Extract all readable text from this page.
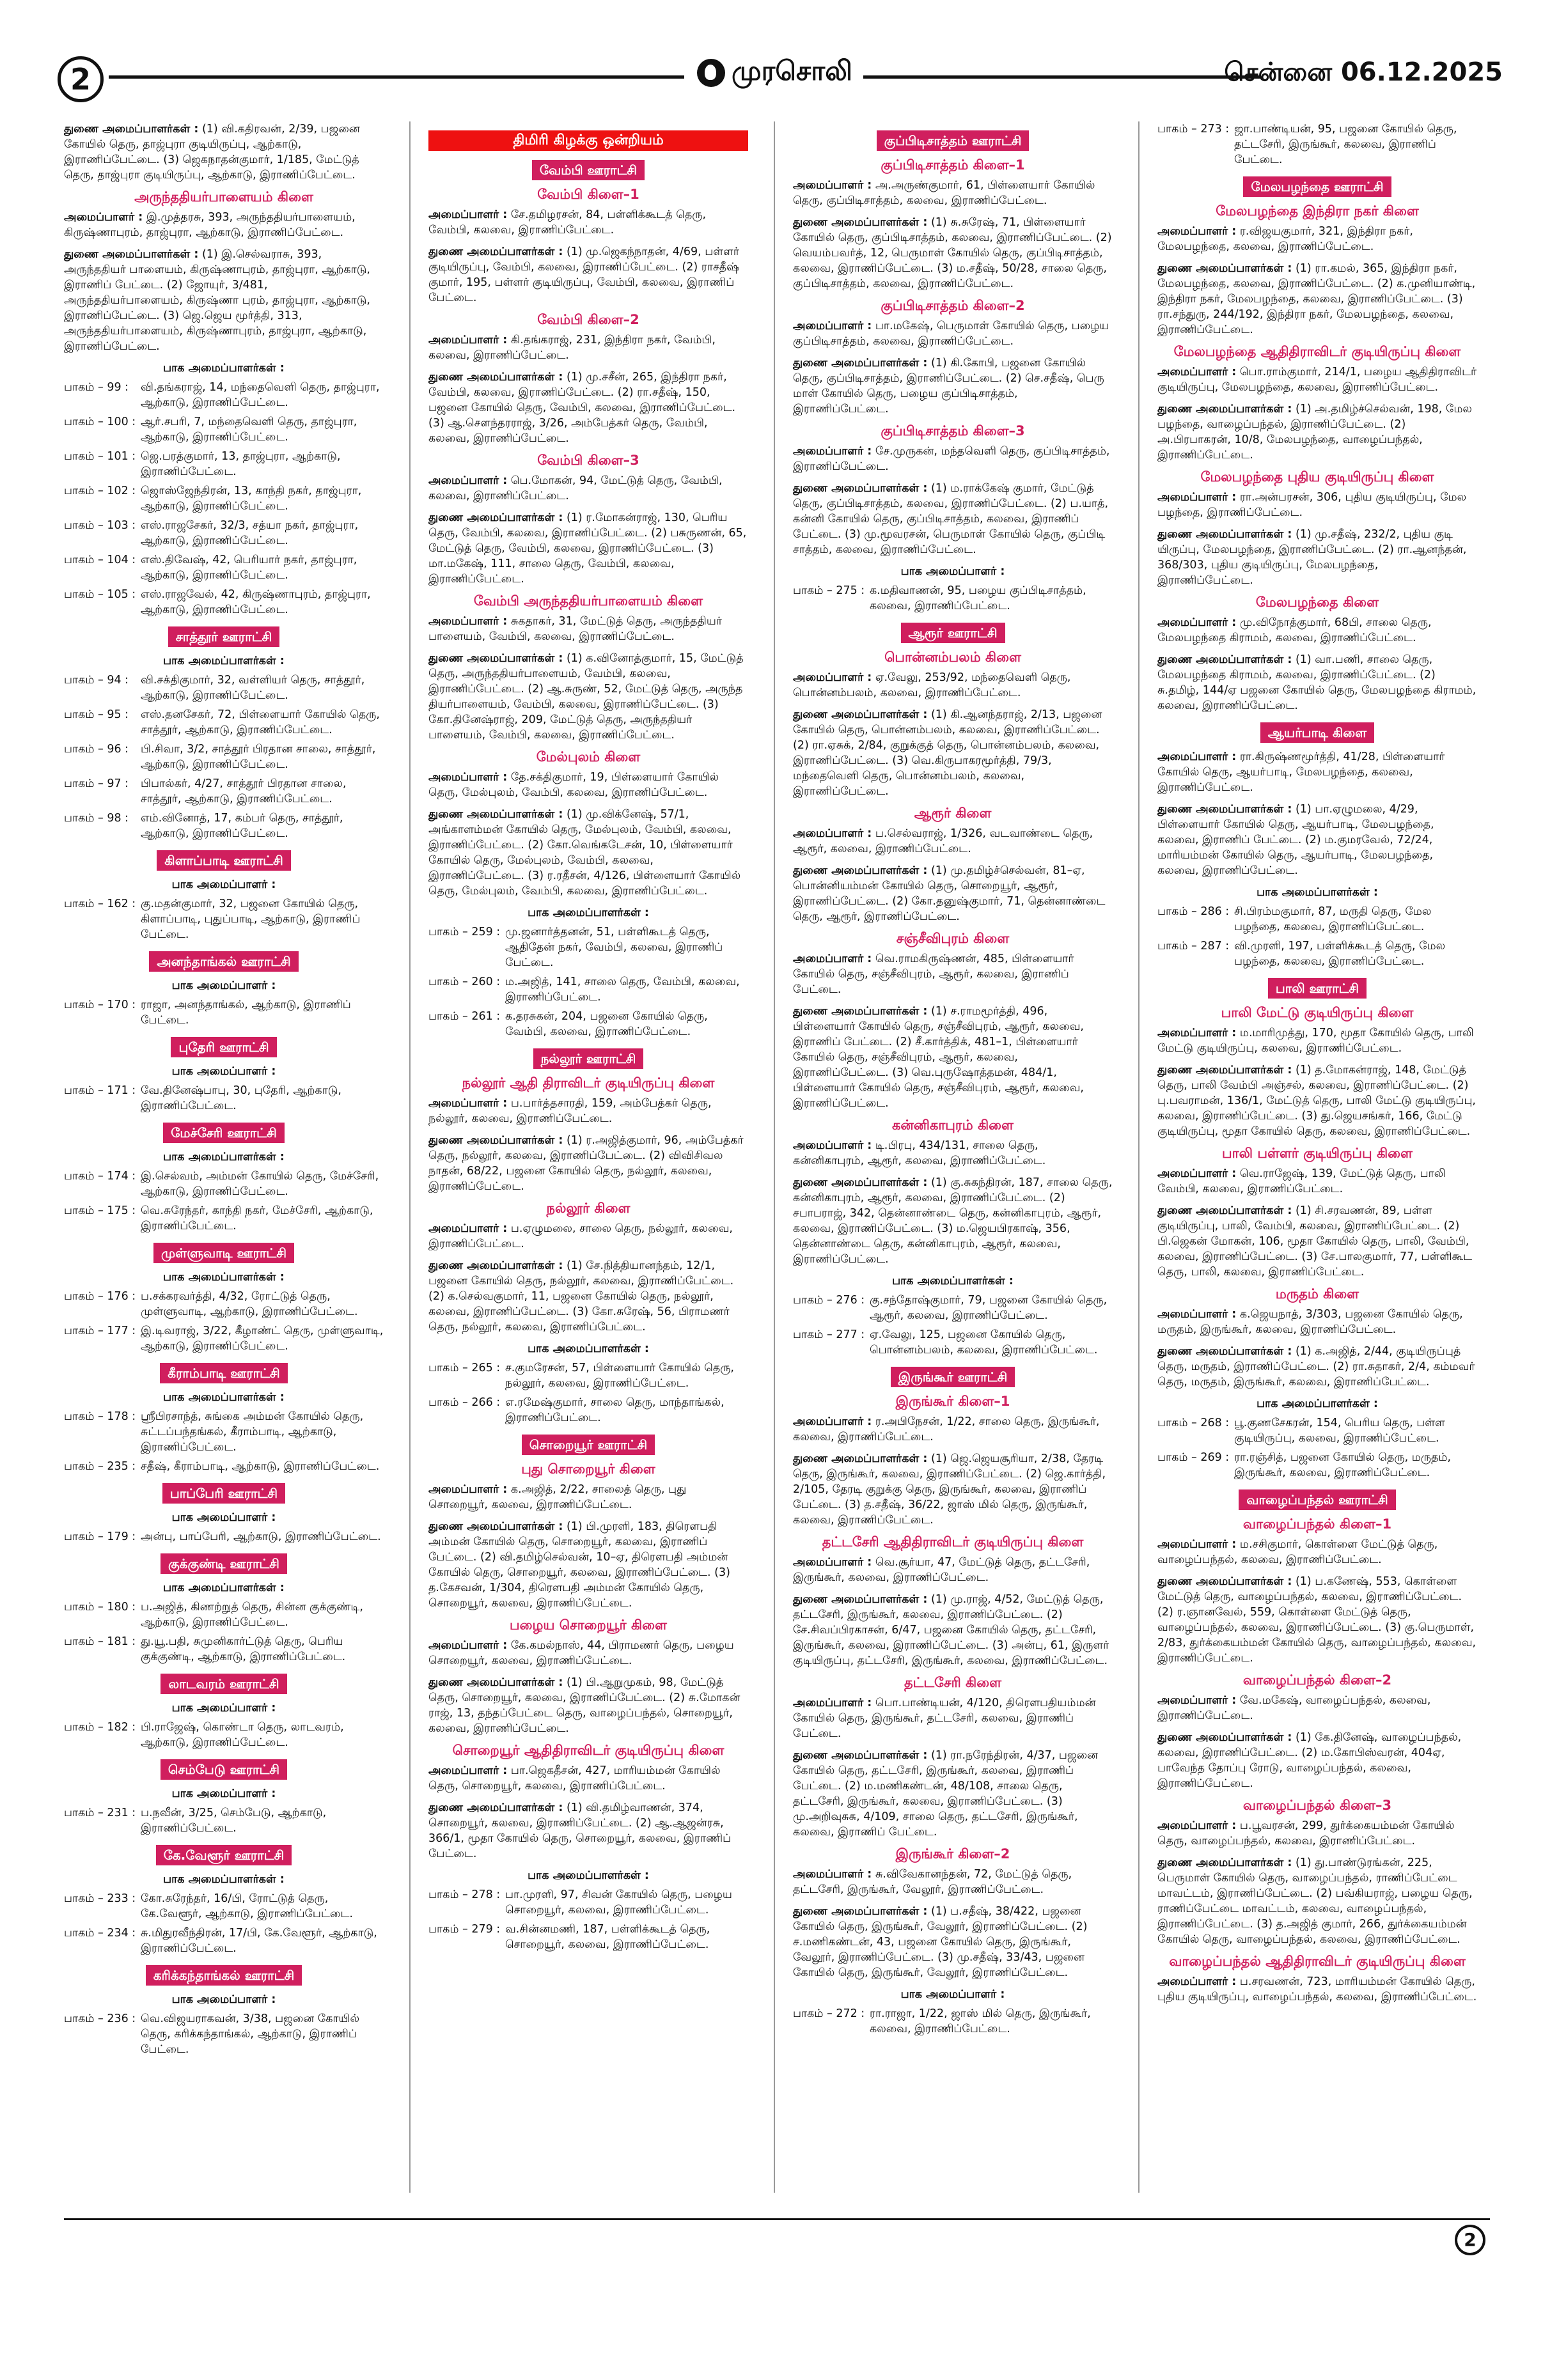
2	முரசொலி	சென்னை 06.12.2025
துணை அமைப்பாளர்கள் : (1) வி.கதிரவன், 2/39, பஜனை கோயில் தெரு, தாஜ்புரா குடியிருப்பு, ஆற்காடு, இராணிப்பேட்டை. (3) ஜெகநாதன்குமார், 1/185, மேட்டுத் தெரு, தாஜ்புரா குடியிருப்பு, ஆற்காடு, இராணிப்பேட்டை.
அருந்ததியர்பாளையம் கிளை
அமைப்பாளர் : இ.முத்தரசு, 393, அருந்ததியர்பாளையம், கிருஷ்ணாபுரம், தாஜ்புரா, ஆற்காடு, இராணிப்பேட்டை.
துணை அமைப்பாளர்கள் : (1) இ.செல்வராசு, 393, அருந்ததியர் பாளையம், கிருஷ்ணாபுரம், தாஜ்புரா, ஆற்காடு, இராணிப் பேட்டை. (2) ஜோயுர், 3/481, அருந்ததியர்பாளையம், கிருஷ்ணா புரம், தாஜ்புரா, ஆற்காடு, இராணிப்பேட்டை. (3) ஜெ.ஜெய மூர்த்தி, 313, அருந்ததியர்பாளையம், கிருஷ்ணாபுரம், தாஜ்புரா, ஆற்காடு, இராணிப்பேட்டை.
பாக அமைப்பாளர்கள் :
பாகம் – 99 :	வி.தங்கராஜ், 14, மந்தைவெளி தெரு, தாஜ்புரா, ஆற்காடு, இராணிப்பேட்டை.
பாகம் – 100 : ஆர்.சபரி, 7, மந்தைவெளி தெரு, தாஜ்புரா, ஆற்காடு, இராணிப்பேட்டை.
பாகம் – 101 : ஜெ.பரத்குமார், 13, தாஜ்புரா, ஆற்காடு, இராணிப்பேட்டை.
பாகம் – 102 : ஜொஸ்ஜேந்திரன், 13, காந்தி நகர், தாஜ்புரா, ஆற்காடு, இராணிப்பேட்டை.
பாகம் – 103 : எஸ்.ராஜசேகர், 32/3, சத்யா நகர், தாஜ்புரா, ஆற்காடு, இராணிப்பேட்டை.
பாகம் – 104 : எஸ்.திவேஷ், 42, பெரியார் நகர், தாஜ்புரா, ஆற்காடு, இராணிப்பேட்டை.
பாகம் – 105 : எஸ்.ராஜவேல், 42, கிருஷ்ணாபுரம், தாஜ்புரா, ஆற்காடு, இராணிப்பேட்டை.
சாத்தூர் ஊராட்சி
பாக அமைப்பாளர்கள் :
பாகம் – 94 :	வி.சக்திகுமார், 32, வள்ளியர் தெரு, சாத்தூர், ஆற்காடு, இராணிப்பேட்டை.
பாகம் – 95 :	எஸ்.தனசேகர், 72, பிள்ளையார் கோயில் தெரு, சாத்தூர், ஆற்காடு, இராணிப்பேட்டை.
பாகம் – 96 :	பி.சிவா, 3/2, சாத்தூர் பிரதான சாலை, சாத்தூர், ஆற்காடு, இராணிப்பேட்டை.
பாகம் – 97 :	பிபால்கர், 4/27, சாத்தூர் பிரதான சாலை, சாத்தூர், ஆற்காடு, இராணிப்பேட்டை.
பாகம் – 98 :	எம்.வினோத், 17, கம்பர் தெரு, சாத்தூர், ஆற்காடு, இராணிப்பேட்டை.
கிளாப்பாடி ஊராட்சி
பாக அமைப்பாளர் :
பாகம் – 162 : கு.மதன்குமார், 32, பஜனை கோயில் தெரு, கிளாப்பாடி, புதுப்பாடி, ஆற்காடு, இராணிப் பேட்டை.
அனந்தாங்கல் ஊராட்சி
பாக அமைப்பாளர் :
பாகம் – 170 : ராஜா, அனந்தாங்கல், ஆற்காடு, இராணிப் பேட்டை.
புதேரி ஊராட்சி
பாக அமைப்பாளர் :
பாகம் – 171 : வே.தினேஷ்பாபு, 30, புதேரி, ஆற்காடு, இராணிப்பேட்டை.
மேச்சேரி ஊராட்சி
பாக அமைப்பாளர்கள் :
பாகம் – 174 : இ.செல்வம், அம்மன் கோயில் தெரு, மேச்சேரி, ஆற்காடு, இராணிப்பேட்டை.
பாகம் – 175 : வெ.சுரேந்தர், காந்தி நகர், மேச்சேரி, ஆற்காடு, இராணிப்பேட்டை.
முள்ளுவாடி ஊராட்சி
பாக அமைப்பாளர்கள் :
பாகம் – 176 : ப.சக்கரவர்த்தி, 4/32, ரோட்டுத் தெரு, முள்ளுவாடி, ஆற்காடு, இராணிப்பேட்டை.
பாகம் – 177 : இ.டிவராஜ், 3/22, கீழாண்ட் தெரு, முள்ளுவாடி, ஆற்காடு, இராணிப்பேட்டை.
கீராம்பாடி ஊராட்சி
பாக அமைப்பாளர்கள் :
பாகம் – 178 : ஸ்ரீபிரசாந்த், சுங்கை அம்மன் கோயில் தெரு, சுட்டப்பந்தங்கல், கீராம்பாடி, ஆற்காடு, இராணிப்பேட்டை.
பாகம் – 235 : சதீஷ், கீராம்பாடி, ஆற்காடு, இராணிப்பேட்டை.
பாப்பேரி ஊராட்சி
பாக அமைப்பாளர் :
பாகம் – 179 : அன்பு, பாப்பேரி, ஆற்காடு, இராணிப்பேட்டை.
குக்குண்டி ஊராட்சி
பாக அமைப்பாளர்கள் :
பாகம் – 180 : ப.அஜித், கிணற்றுத் தெரு, சின்ன குக்குண்டி, ஆற்காடு, இராணிப்பேட்டை.
பாகம் – 181 : து.யூ.பதி, சுமுனிகார்ட்டுத் தெரு, பெரிய குக்குண்டி, ஆற்காடு, இராணிப்பேட்டை.
லாடவரம் ஊராட்சி
பாக அமைப்பாளர் :
பாகம் – 182 : பி.ராஜேஷ், கொண்டா தெரு, லாடவரம், ஆற்காடு, இராணிப்பேட்டை.
செம்பேடு ஊராட்சி
பாக அமைப்பாளர் :
பாகம் – 231 : ப.நவீன், 3/25, செம்பேடு, ஆற்காடு, இராணிப்பேட்டை.
கே.வேளூர் ஊராட்சி
பாக அமைப்பாளர்கள் :
பாகம் – 233 : கோ.சுரேந்தர், 16/பி, ரோட்டுத் தெரு, கே.வேளூர், ஆற்காடு, இராணிப்பேட்டை.
பாகம் – 234 : சு.மிதுரவீந்திரன், 17/பி, கே.வேளூர், ஆற்காடு, இராணிப்பேட்டை.
கரிக்கந்தாங்கல் ஊராட்சி
பாக அமைப்பாளர் :
பாகம் – 236 : வெ.விஜயராகவன், 3/38, பஜனை கோயில் தெரு, கரிக்கந்தாங்கல், ஆற்காடு, இராணிப் பேட்டை.
திமிரி கிழக்கு ஒன்றியம்
வேம்பி ஊராட்சி
வேம்பி கிளை–1
அமைப்பாளர் : சே.தமிழரசன், 84, பள்ளிக்கூடத் தெரு, வேம்பி, கலவை, இராணிப்பேட்டை.
துணை அமைப்பாளர்கள் : (1) மு.ஜெகந்நாதன், 4/69, பள்ளர் குடியிருப்பு, வேம்பி, கலவை, இராணிப்பேட்டை. (2) ராசதீஷ் குமார், 195, பள்ளர் குடியிருப்பு, வேம்பி, கலவை, இராணிப் பேட்டை.
வேம்பி கிளை–2
அமைப்பாளர் : கி.தங்கராஜ், 231, இந்திரா நகர், வேம்பி, கலவை, இராணிப்பேட்டை.
துணை அமைப்பாளர்கள் : (1) மு.சசீன், 265, இந்திரா நகர், வேம்பி, கலவை, இராணிப்பேட்டை. (2) ரா.சதீஷ், 150, பஜனை கோயில் தெரு, வேம்பி, கலவை, இராணிப்பேட்டை. (3) ஆ.சௌந்தரராஜ், 3/26, அம்பேத்கர் தெரு, வேம்பி, கலவை, இராணிப்பேட்டை.
வேம்பி கிளை–3
அமைப்பாளர் : பெ.மோகன், 94, மேட்டுத் தெரு, வேம்பி, கலவை, இராணிப்பேட்டை.
துணை அமைப்பாளர்கள் : (1) ர.மோகன்ராஜ், 130, பெரிய தெரு, வேம்பி, கலவை, இராணிப்பேட்டை. (2) பசுருணன், 65, மேட்டுத் தெரு, வேம்பி, கலவை, இராணிப்பேட்டை. (3) மா.மகேஷ், 111, சாலை தெரு, வேம்பி, கலவை, இராணிப்பேட்டை.
வேம்பி அருந்ததியர்பாளையம் கிளை
அமைப்பாளர் : சுகதாகர், 31, மேட்டுத் தெரு, அருந்ததியர் பாளையம், வேம்பி, கலவை, இராணிப்பேட்டை.
துணை அமைப்பாளர்கள் : (1) க.வினோத்குமார், 15, மேட்டுத் தெரு, அருந்ததியர்பாளையம், வேம்பி, கலவை, இராணிப்பேட்டை. (2) ஆ.சுருண், 52, மேட்டுத் தெரு, அருந்த தியர்பாளையம், வேம்பி, கலவை, இராணிப்பேட்டை. (3) கோ.தினேஷ்ராஜ், 209, மேட்டுத் தெரு, அருந்ததியர் பாளையம், வேம்பி, கலவை, இராணிப்பேட்டை.
மேல்புலம் கிளை
அமைப்பாளர் : தே.சக்திகுமார், 19, பிள்ளையார் கோயில் தெரு, மேல்புலம், வேம்பி, கலவை, இராணிப்பேட்டை.
துணை அமைப்பாளர்கள் : (1) மு.விக்னேஷ், 57/1, அங்காளம்மன் கோயில் தெரு, மேல்புலம், வேம்பி, கலவை, இராணிப்பேட்டை. (2) கோ.வெங்கடேசன், 10, பிள்ளையார் கோயில் தெரு, மேல்புலம், வேம்பி, கலவை, இராணிப்பேட்டை. (3) ர.ரதீசன், 4/126, பிள்ளையார் கோயில் தெரு, மேல்புலம், வேம்பி, கலவை, இராணிப்பேட்டை.
பாக அமைப்பாளர்கள் :
பாகம் – 259 : மு.ஜனார்த்தனன், 51, பள்ளிகூடத் தெரு, ஆதிதேன் நகர், வேம்பி, கலவை, இராணிப் பேட்டை.
பாகம் – 260 : ம.அஜித், 141, சாலை தெரு, வேம்பி, கலவை, இராணிப்பேட்டை.
பாகம் – 261 : க.தரசுகன், 204, பஜனை கோயில் தெரு, வேம்பி, கலவை, இராணிப்பேட்டை.
நல்லூர் ஊராட்சி
நல்லூர் ஆதி திராவிடர் குடியிருப்பு கிளை
அமைப்பாளர் : ப.பார்த்தசாரதி, 159, அம்பேத்கர் தெரு, நல்லூர், கலவை, இராணிப்பேட்டை.
துணை அமைப்பாளர்கள் : (1) ர.அஜித்குமார், 96, அம்பேத்கர் தெரு, நல்லூர், கலவை, இராணிப்பேட்டை. (2) விவிசிவல நாதன், 68/22, பஜனை கோயில் தெரு, நல்லூர், கலவை, இராணிப்பேட்டை.
நல்லூர் கிளை
அமைப்பாளர் : ப.ஏழுமலை, சாலை தெரு, நல்லூர், கலவை, இராணிப்பேட்டை.
துணை அமைப்பாளர்கள் : (1) சே.நித்தியானந்தம், 12/1, பஜனை கோயில் தெரு, நல்லூர், கலவை, இராணிப்பேட்டை. (2) க.செல்வகுமார், 11, பஜனை கோயில் தெரு, நல்லூர், கலவை, இராணிப்பேட்டை. (3) கோ.சுரேஷ், 56, பிராமணர் தெரு, நல்லூர், கலவை, இராணிப்பேட்டை.
பாக அமைப்பாளர்கள் :
பாகம் – 265 : ச.குமரேசன், 57, பிள்ளையார் கோயில் தெரு, நல்லூர், கலவை, இராணிப்பேட்டை.
பாகம் – 266 : எ.ரமேஷ்குமார், சாலை தெரு, மாந்தாங்கல், இராணிப்பேட்டை.
சொறையூர் ஊராட்சி
புது சொறையூர் கிளை
அமைப்பாளர் : க.அஜித், 2/22, சாலைத் தெரு, புது சொறையூர், கலவை, இராணிப்பேட்டை.
துணை அமைப்பாளர்கள் : (1) பி.முரளி, 183, திரௌபதி அம்மன் கோயில் தெரு, சொறையூர், கலவை, இராணிப் பேட்டை. (2) வி.தமிழ்செல்வன், 10–ஏ, திரௌபதி அம்மன் கோயில் தெரு, சொறையூர், கலவை, இராணிப்பேட்டை. (3) த.கேசவன், 1/304, திரௌபதி அம்மன் கோயில் தெரு, சொறையூர், கலவை, இராணிப்பேட்டை.
பழைய சொறையூர் கிளை
அமைப்பாளர் : கே.கமல்நாஸ், 44, பிராமணர் தெரு, பழைய சொறையூர், கலவை, இராணிப்பேட்டை.
துணை அமைப்பாளர்கள் : (1) பி.ஆறுமுகம், 98, மேட்டுத் தெரு, சொறையூர், கலவை, இராணிப்பேட்டை. (2) சு.மோகன் ராஜ், 13, தந்தப்பேட்டை தெரு, வாழைப்பந்தல், சொறையூர், கலவை, இராணிப்பேட்டை.
சொறையூர் ஆதிதிராவிடர் குடியிருப்பு கிளை
அமைப்பாளர் : பா.ஜெகதீசன், 427, மாரியம்மன் கோயில் தெரு, சொறையூர், கலவை, இராணிப்பேட்டை.
துணை அமைப்பாளர்கள் : (1) வி.தமிழ்வாணன், 374, சொறையூர், கலவை, இராணிப்பேட்டை. (2) ஆ.ஆஜன்ரசு, 366/1, மூதா கோயில் தெரு, சொறையூர், கலவை, இராணிப் பேட்டை.
பாக அமைப்பாளர்கள் :
பாகம் – 278 : பா.முரளி, 97, சிவன் கோயில் தெரு, பழைய சொறையூர், கலவை, இராணிப்பேட்டை.
பாகம் – 279 : வ.சின்னமணி, 187, பள்ளிக்கூடத் தெரு, சொறையூர், கலவை, இராணிப்பேட்டை.
குப்பிடிசாத்தம் ஊராட்சி
குப்பிடிசாத்தம் கிளை–1
அமைப்பாளர் : அ.அருண்குமார், 61, பிள்ளையார் கோயில் தெரு, குப்பிடிசாத்தம், கலவை, இராணிப்பேட்டை.
துணை அமைப்பாளர்கள் : (1) சு.சுரேஷ், 71, பிள்ளையார் கோயில் தெரு, குப்பிடிசாத்தம், கலவை, இராணிப்பேட்டை. (2) வெயம்பவர்த், 12, பெருமாள் கோயில் தெரு, குப்பிடிசாத்தம், கலவை, இராணிப்பேட்டை. (3) ம.சதீஷ், 50/28, சாலை தெரு, குப்பிடிசாத்தம், கலவை, இராணிப்பேட்டை.
குப்பிடிசாத்தம் கிளை–2
அமைப்பாளர் : பா.மகேஷ், பெருமாள் கோயில் தெரு, பழைய குப்பிடிசாத்தம், கலவை, இராணிப்பேட்டை.
துணை அமைப்பாளர்கள் : (1) கி.கோபி, பஜனை கோயில் தெரு, குப்பிடிசாத்தம், இராணிப்பேட்டை. (2) செ.சதீஷ், பெரு மாள் கோயில் தெரு, பழைய குப்பிடிசாத்தம், இராணிப்பேட்டை.
குப்பிடிசாத்தம் கிளை–3
அமைப்பாளர் : சே.முருகன், மந்தவெளி தெரு, குப்பிடிசாத்தம், இராணிப்பேட்டை.
துணை அமைப்பாளர்கள் : (1) ம.ராக்கேஷ் குமார், மேட்டுத் தெரு, குப்பிடிசாத்தம், கலவை, இராணிப்பேட்டை. (2) ப.யாத், கன்னி கோயில் தெரு, குப்பிடிசாத்தம், கலவை, இராணிப் பேட்டை. (3) மு.மூவரசன், பெருமாள் கோயில் தெரு, குப்பிடி சாத்தம், கலவை, இராணிப்பேட்டை.
பாக அமைப்பாளர் :
பாகம் – 275 : க.மதிவாணன், 95, பழைய குப்பிடிசாத்தம், கலவை, இராணிப்பேட்டை.
ஆரூர் ஊராட்சி
பொன்னம்பலம் கிளை
அமைப்பாளர் : ஏ.வேலு, 253/92, மந்தைவெளி தெரு, பொன்னம்பலம், கலவை, இராணிப்பேட்டை.
துணை அமைப்பாளர்கள் : (1) கி.ஆனந்தராஜ், 2/13, பஜனை கோயில் தெரு, பொன்னம்பலம், கலவை, இராணிப்பேட்டை. (2) ரா.ஏசுக், 2/84, குறுக்குத் தெரு, பொன்னம்பலம், கலவை, இராணிப்பேட்டை. (3) வெ.கிருபாகரமூர்த்தி, 79/3, மந்தைவெளி தெரு, பொன்னம்பலம், கலவை, இராணிப்பேட்டை.
ஆரூர் கிளை
அமைப்பாளர் : ப.செல்வராஜ், 1/326, வடவாண்டை தெரு, ஆரூர், கலவை, இராணிப்பேட்டை.
துணை அமைப்பாளர்கள் : (1) மு.தமிழ்ச்செல்வன், 81–ஏ, பொன்னியம்மன் கோயில் தெரு, சொறையூர், ஆரூர், இராணிப்பேட்டை. (2) கோ.தனுஷ்குமார், 71, தென்னாண்டை தெரு, ஆரூர், இராணிப்பேட்டை.
சஞ்சீவிபுரம் கிளை
அமைப்பாளர் : வெ.ராமகிருஷ்ணன், 485, பிள்ளையார் கோயில் தெரு, சஞ்சீவிபுரம், ஆரூர், கலவை, இராணிப் பேட்டை.
துணை அமைப்பாளர்கள் : (1) ச.ராமமூர்த்தி, 496, பிள்ளையார் கோயில் தெரு, சஞ்சீவிபுரம், ஆரூர், கலவை, இராணிப் பேட்டை. (2) சீ.கார்த்திக், 481–1, பிள்ளையார் கோயில் தெரு, சஞ்சீவிபுரம், ஆரூர், கலவை, இராணிப்பேட்டை. (3) வெ.புருஷோத்தமன், 484/1, பிள்ளையார் கோயில் தெரு, சஞ்சீவிபுரம், ஆரூர், கலவை, இராணிப்பேட்டை.
கன்னிகாபுரம் கிளை
அமைப்பாளர் : டி.பிரபு, 434/131, சாலை தெரு, கன்னிகாபுரம், ஆரூர், கலவை, இராணிப்பேட்டை.
துணை அமைப்பாளர்கள் : (1) கு.சுகந்திரன், 187, சாலை தெரு, கன்னிகாபுரம், ஆரூர், கலவை, இராணிப்பேட்டை. (2) சபாபராஜ், 342, தென்னாண்டை தெரு, கன்னிகாபுரம், ஆரூர், கலவை, இராணிப்பேட்டை. (3) ம.ஜெயபிரகாஷ், 356, தென்னாண்டை தெரு, கன்னிகாபுரம், ஆரூர், கலவை, இராணிப்பேட்டை.
பாக அமைப்பாளர்கள் :
பாகம் – 276 : கு.சந்தோஷ்குமார், 79, பஜனை கோயில் தெரு, ஆரூர், கலவை, இராணிப்பேட்டை.
பாகம் – 277 : ஏ.வேலு, 125, பஜனை கோயில் தெரு, பொன்னம்பலம், கலவை, இராணிப்பேட்டை.
இருங்கூர் ஊராட்சி
இருங்கூர் கிளை–1
அமைப்பாளர் : ர.அபிநேசன், 1/22, சாலை தெரு, இருங்கூர், கலவை, இராணிப்பேட்டை.
துணை அமைப்பாளர்கள் : (1) ஜெ.ஜெயசூரியா, 2/38, தேரடி தெரு, இருங்கூர், கலவை, இராணிப்பேட்டை. (2) ஜெ.கார்த்தி, 2/105, தேரடி குறுக்கு தெரு, இருங்கூர், கலவை, இராணிப் பேட்டை. (3) த.சதீஷ், 36/22, ஜாஸ் மில் தெரு, இருங்கூர், கலவை, இராணிப்பேட்டை.
தட்டசேரி ஆதிதிராவிடர் குடியிருப்பு கிளை
அமைப்பாளர் : வெ.சூர்யா, 47, மேட்டுத் தெரு, தட்டசேரி, இருங்கூர், கலவை, இராணிப்பேட்டை.
துணை அமைப்பாளர்கள் : (1) மு.ராஜ், 4/52, மேட்டுத் தெரு, தட்டசேரி, இருங்கூர், கலவை, இராணிப்பேட்டை. (2) சே.சிவப்பிரகாசன், 6/47, பஜனை கோயில் தெரு, தட்டசேரி, இருங்கூர், கலவை, இராணிப்பேட்டை. (3) அன்பு, 61, இருளர் குடியிருப்பு, தட்டசேரி, இருங்கூர், கலவை, இராணிப்பேட்டை.
தட்டசேரி கிளை
அமைப்பாளர் : பொ.பாண்டியன், 4/120, திரௌபதியம்மன் கோயில் தெரு, இருங்கூர், தட்டசேரி, கலவை, இராணிப் பேட்டை.
துணை அமைப்பாளர்கள் : (1) ரா.நரேந்திரன், 4/37, பஜனை கோயில் தெரு, தட்டசேரி, இருங்கூர், கலவை, இராணிப் பேட்டை. (2) ம.மணிகண்டன், 48/108, சாலை தெரு, தட்டசேரி, இருங்கூர், கலவை, இராணிப்பேட்டை. (3) மு.அறிவுசுசு, 4/109, சாலை தெரு, தட்டசேரி, இருங்கூர், கலவை, இராணிப் பேட்டை.
இருங்கூர் கிளை–2
அமைப்பாளர் : சு.விவேகானந்தன், 72, மேட்டுத் தெரு, தட்டசேரி, இருங்கூர், வேலூர், இராணிப்பேட்டை.
துணை அமைப்பாளர்கள் : (1) ப.சதீஷ், 38/422, பஜனை கோயில் தெரு, இருங்கூர், வேலூர், இராணிப்பேட்டை. (2) ச.மணிகண்டன், 43, பஜனை கோயில் தெரு, இருங்கூர், வேலூர், இராணிப்பேட்டை. (3) மு.சதீஷ், 33/43, பஜனை கோயில் தெரு, இருங்கூர், வேலூர், இராணிப்பேட்டை.
பாக அமைப்பாளர் :
பாகம் – 272 : ரா.ராஜா, 1/22, ஜாஸ் மில் தெரு, இருங்கூர், கலவை, இராணிப்பேட்டை.
பாகம் – 273 : ஜா.பாண்டியன், 95, பஜனை கோயில் தெரு, தட்டசேரி, இருங்கூர், கலவை, இராணிப் பேட்டை.
மேலபழந்தை ஊராட்சி
மேலபழந்தை இந்திரா நகர் கிளை
அமைப்பாளர் : ர.விஜயகுமார், 321, இந்திரா நகர், மேலபழந்தை, கலவை, இராணிப்பேட்டை.
துணை அமைப்பாளர்கள் : (1) ரா.கமல், 365, இந்திரா நகர், மேலபழந்தை, கலவை, இராணிப்பேட்டை. (2) க.முனியாண்டி, இந்திரா நகர், மேலபழந்தை, கலவை, இராணிப்பேட்டை. (3) ரா.சந்துரு, 244/192, இந்திரா நகர், மேலபழந்தை, கலவை, இராணிப்பேட்டை.
மேலபழந்தை ஆதிதிராவிடர் குடியிருப்பு கிளை
அமைப்பாளர் : பொ.ராம்குமார், 214/1, பழைய ஆதிதிராவிடர் குடியிருப்பு, மேலபழந்தை, கலவை, இராணிப்பேட்டை.
துணை அமைப்பாளர்கள் : (1) அ.தமிழ்ச்செல்வன், 198, மேல பழந்தை, வாழைப்பந்தல், இராணிப்பேட்டை. (2) அ.பிரபாகரன், 10/8, மேலபழந்தை, வாழைப்பந்தல், இராணிப்பேட்டை.
மேலபழந்தை புதிய குடியிருப்பு கிளை
அமைப்பாளர் : ரா.அன்பரசன், 306, புதிய குடியிருப்பு, மேல பழந்தை, இராணிப்பேட்டை.
துணை அமைப்பாளர்கள் : (1) மு.சதீஷ், 232/2, புதிய குடி யிருப்பு, மேலபழந்தை, இராணிப்பேட்டை. (2) ரா.ஆனந்தன், 368/303, புதிய குடியிருப்பு, மேலபழந்தை, இராணிப்பேட்டை.
மேலபழந்தை கிளை
அமைப்பாளர் : மு.விநோத்குமார், 68பி, சாலை தெரு, மேலபழந்தை கிராமம், கலவை, இராணிப்பேட்டை.
துணை அமைப்பாளர்கள் : (1) வா.பணி, சாலை தெரு, மேலபழந்தை கிராமம், கலவை, இராணிப்பேட்டை. (2) சு.தமிழ், 144/ஏ பஜனை கோயில் தெரு, மேலபழந்தை கிராமம், கலவை, இராணிப்பேட்டை.
ஆயர்பாடி கிளை
அமைப்பாளர் : ரா.கிருஷ்ணமூர்த்தி, 41/28, பிள்ளையார் கோயில் தெரு, ஆயர்பாடி, மேலபழந்தை, கலவை, இராணிப்பேட்டை.
துணை அமைப்பாளர்கள் : (1) பா.ஏழுமலை, 4/29, பிள்ளையார் கோயில் தெரு, ஆயர்பாடி, மேலபழந்தை, கலவை, இராணிப் பேட்டை. (2) ம.குமரவேல், 72/24, மாரியம்மன் கோயில் தெரு, ஆயர்பாடி, மேலபழந்தை, கலவை, இராணிப்பேட்டை.
பாக அமைப்பாளர்கள் :
பாகம் – 286 : சி.பிரம்மகுமார், 87, மருதி தெரு, மேல பழந்தை, கலவை, இராணிப்பேட்டை.
பாகம் – 287 : வி.முரளி, 197, பள்ளிக்கூடத் தெரு, மேல பழந்தை, கலவை, இராணிப்பேட்டை.
பாலி ஊராட்சி
பாலி மேட்டு குடியிருப்பு கிளை
அமைப்பாளர் : ம.மாரிமுத்து, 170, மூதா கோயில் தெரு, பாலி மேட்டு குடியிருப்பு, கலவை, இராணிப்பேட்டை.
துணை அமைப்பாளர்கள் : (1) த.மோகன்ராஜ், 148, மேட்டுத் தெரு, பாலி வேம்பி அஞ்சல், கலவை, இராணிப்பேட்டை. (2) பு.பவராமன், 136/1, மேட்டுத் தெரு, பாலி மேட்டு குடியிருப்பு, கலவை, இராணிப்பேட்டை. (3) து.ஜெயசங்கர், 166, மேட்டு குடியிருப்பு, மூதா கோயில் தெரு, கலவை, இராணிப்பேட்டை.
பாலி பள்ளர் குடியிருப்பு கிளை
அமைப்பாளர் : வெ.ராஜேஷ், 139, மேட்டுத் தெரு, பாலி வேம்பி, கலவை, இராணிப்பேட்டை.
துணை அமைப்பாளர்கள் : (1) சி.சரவணன், 89, பள்ள குடியிருப்பு, பாலி, வேம்பி, கலவை, இராணிப்பேட்டை. (2) பி.ஜெகன் மோகன், 106, மூதா கோயில் தெரு, பாலி, வேம்பி, கலவை, இராணிப்பேட்டை. (3) சே.பாலகுமார், 77, பள்ளிகூட தெரு, பாலி, கலவை, இராணிப்பேட்டை.
மருதம் கிளை
அமைப்பாளர் : க.ஜெயநாத், 3/303, பஜனை கோயில் தெரு, மருதம், இருங்கூர், கலவை, இராணிப்பேட்டை.
துணை அமைப்பாளர்கள் : (1) க.அஜித், 2/44, குடியிருப்புத் தெரு, மருதம், இராணிப்பேட்டை. (2) ரா.சுதாகர், 2/4, கம்மவர் தெரு, மருதம், இருங்கூர், கலவை, இராணிப்பேட்டை.
பாக அமைப்பாளர்கள் :
பாகம் – 268 : பூ.குணசேகரன், 154, பெரிய தெரு, பள்ள குடியிருப்பு, கலவை, இராணிப்பேட்டை.
பாகம் – 269 : ரா.ரஞ்சித், பஜனை கோயில் தெரு, மருதம், இருங்கூர், கலவை, இராணிப்பேட்டை.
வாழைப்பந்தல் ஊராட்சி
வாழைப்பந்தல் கிளை–1
அமைப்பாளர் : ம.சசிகுமார், கொள்ளை மேட்டுத் தெரு, வாழைப்பந்தல், கலவை, இராணிப்பேட்டை.
துணை அமைப்பாளர்கள் : (1) ப.கணேஷ், 553, கொள்ளை மேட்டுத் தெரு, வாழைப்பந்தல், கலவை, இராணிப்பேட்டை. (2) ர.ஞானவேல், 559, கொள்ளை மேட்டுத் தெரு, வாழைப்பந்தல், கலவை, இராணிப்பேட்டை. (3) கு.பெருமாள், 2/83, துர்க்கையம்மன் கோயில் தெரு, வாழைப்பந்தல், கலவை, இராணிப்பேட்டை.
வாழைப்பந்தல் கிளை–2
அமைப்பாளர் : வே.மகேஷ், வாழைப்பந்தல், கலவை, இராணிப்பேட்டை.
துணை அமைப்பாளர்கள் : (1) கே.தினேஷ், வாழைப்பந்தல், கலவை, இராணிப்பேட்டை. (2) ம.கோபிஸ்வரன், 404ஏ, பாவேந்த தோப்பு ரோடு, வாழைப்பந்தல், கலவை, இராணிப்பேட்டை.
வாழைப்பந்தல் கிளை–3
அமைப்பாளர் : ப.பூவரசன், 299, துர்க்கையம்மன் கோயில் தெரு, வாழைப்பந்தல், கலவை, இராணிப்பேட்டை.
துணை அமைப்பாளர்கள் : (1) து.பாண்டுரங்கன், 225, பெருமாள் கோயில் தெரு, வாழைப்பந்தல், ராணிப்பேட்டை மாவட்டம், இராணிப்பேட்டை. (2) பவ்கியராஜ், பழைய தெரு, ராணிப்பேட்டை மாவட்டம், கலவை, வாழைப்பந்தல், இராணிப்பேட்டை. (3) த.அஜித் குமார், 266, துர்க்கையம்மன் கோயில் தெரு, வாழைப்பந்தல், கலவை, இராணிப்பேட்டை.
வாழைப்பந்தல் ஆதிதிராவிடர் குடியிருப்பு கிளை
அமைப்பாளர் : ப.சரவணன், 723, மாரியம்மன் கோயில் தெரு, புதிய குடியிருப்பு, வாழைப்பந்தல், கலவை, இராணிப்பேட்டை.
2
